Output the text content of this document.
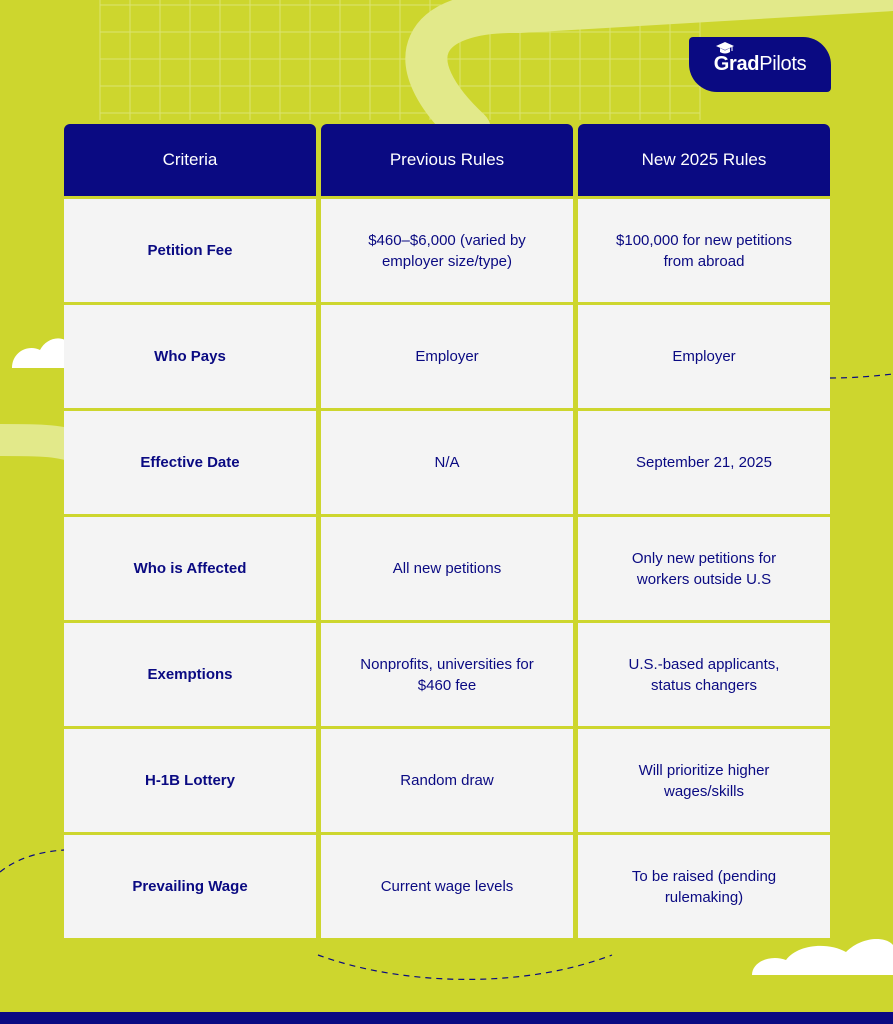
Grad Pilots
Criteria
Petition Fee
Who Pays
Effective Date
Who is Affected
Exemptions
H-1B Lottery
Prevailing Wage
Previous Rules
$460–$6,000 (varied by employer size/type)
Employer
N/A
All new petitions
Nonprofits, universities for $460 fee
Random draw
Current wage levels
New 2025 Rules
$100,000 for new petitions from abroad
Employer
September 21, 2025
Only new petitions for workers outside U.S
U.S.-based applicants, status changers
Will prioritize higher wages/skills
To be raised (pending rulemaking)
